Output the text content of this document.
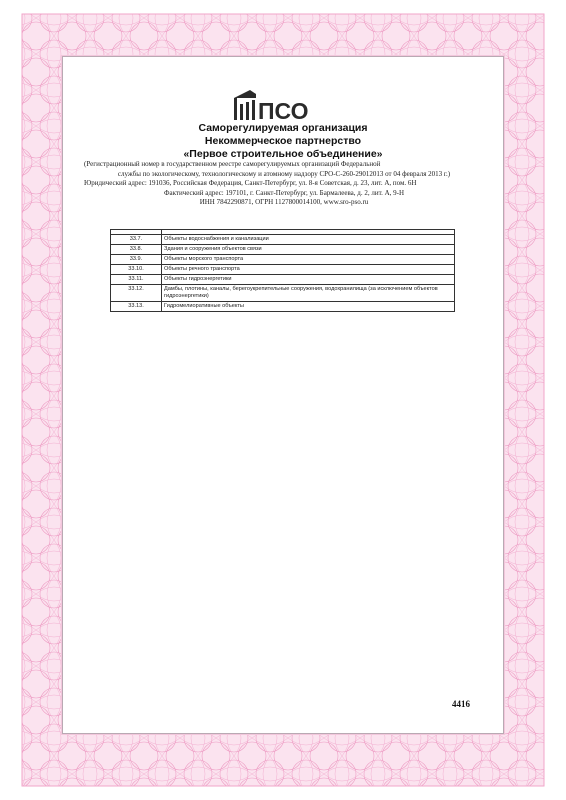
ПСО
Саморегулируемая организация
Некоммерческое партнерство
«Первое строительное объединение»
(Регистрационный номер в государственном реестре саморегулируемых организаций Федеральной
службы по экологическому, технологическому и атомному надзору СРО-С-260-29012013 от 04 февраля 2013 г.)
Юридический адрес: 191036, Российская Федерация, Санкт-Петербург, ул. 8-я Советская, д. 23, лит. А, пом. 6Н
Фактический адрес: 197101, г. Санкт-Петербург, ул. Бармалеева, д. 2, лит. А, 9-Н
ИНН 7842290871, ОГРН 1127800014100, www.sro-pso.ru

33.7.	Объекты водоснабжения и канализации
33.8.	Здания и сооружения объектов связи
33.9.	Объекты морского транспорта
33.10.	Объекты речного транспорта
33.11.	Объекты гидроэнергетики
33.12.	Дамбы, плотины, каналы, берегоукрепительные сооружения, водохранилища (за исключением объектов гидроэнергетики)
33.13.	Гидромелиоративные объекты
4416
